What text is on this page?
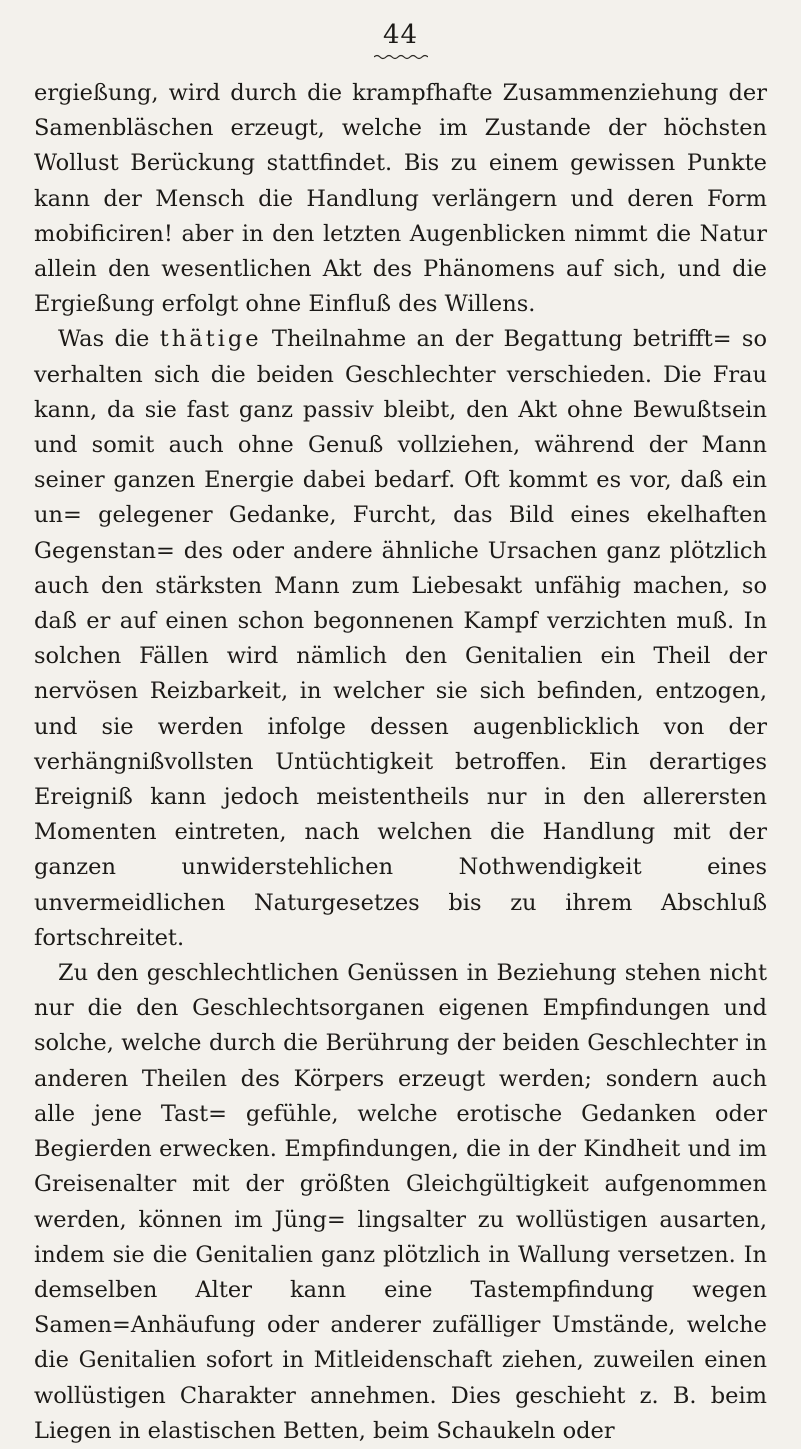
44

ergießung, wird durch die krampfhafte Zusammenziehung der Samenbläschen erzeugt, welche im Zustande der höchsten Wollust Berückung stattfindet. Bis zu einem gewissen Punkte kann der Mensch die Handlung verlängern und deren Form mobificiren! aber in den letzten Augenblicken nimmt die Natur allein den wesentlichen Akt des Phänomens auf sich, und die Ergießung erfolgt ohne Einfluß des Willens.

Was die thätige Theilnahme an der Begattung betrifft= so verhalten sich die beiden Geschlechter verschieden. Die Frau kann, da sie fast ganz passiv bleibt, den Akt ohne Bewußtsein und somit auch ohne Genuß vollziehen, während der Mann seiner ganzen Energie dabei bedarf. Oft kommt es vor, daß ein un= gelegener Gedanke, Furcht, das Bild eines ekelhaften Gegenstan= des oder andere ähnliche Ursachen ganz plötzlich auch den stärksten Mann zum Liebesakt unfähig machen, so daß er auf einen schon begonnenen Kampf verzichten muß. In solchen Fällen wird nämlich den Genitalien ein Theil der nervösen Reizbarkeit, in welcher sie sich befinden, entzogen, und sie werden infolge dessen augenblicklich von der verhängnißvollsten Untüchtigkeit betroffen. Ein derartiges Ereigniß kann jedoch meistentheils nur in den allerersten Momenten eintreten, nach welchen die Handlung mit der ganzen unwiderstehlichen Nothwendigkeit eines unvermeidlichen Naturgesetzes bis zu ihrem Abschluß fortschreitet.

Zu den geschlechtlichen Genüssen in Beziehung stehen nicht nur die den Geschlechtsorganen eigenen Empfindungen und solche, welche durch die Berührung der beiden Geschlechter in anderen Theilen des Körpers erzeugt werden; sondern auch alle jene Tast= gefühle, welche erotische Gedanken oder Begierden erwecken. Empfindungen, die in der Kindheit und im Greisenalter mit der größten Gleichgültigkeit aufgenommen werden, können im Jüng= lingsalter zu wollüstigen ausarten, indem sie die Genitalien ganz plötzlich in Wallung versetzen. In demselben Alter kann eine Tastempfindung wegen Samen=Anhäufung oder anderer zufälliger Umstände, welche die Genitalien sofort in Mitleidenschaft ziehen, zuweilen einen wollüstigen Charakter annehmen. Dies geschieht z. B. beim Liegen in elastischen Betten, beim Schaukeln oder
